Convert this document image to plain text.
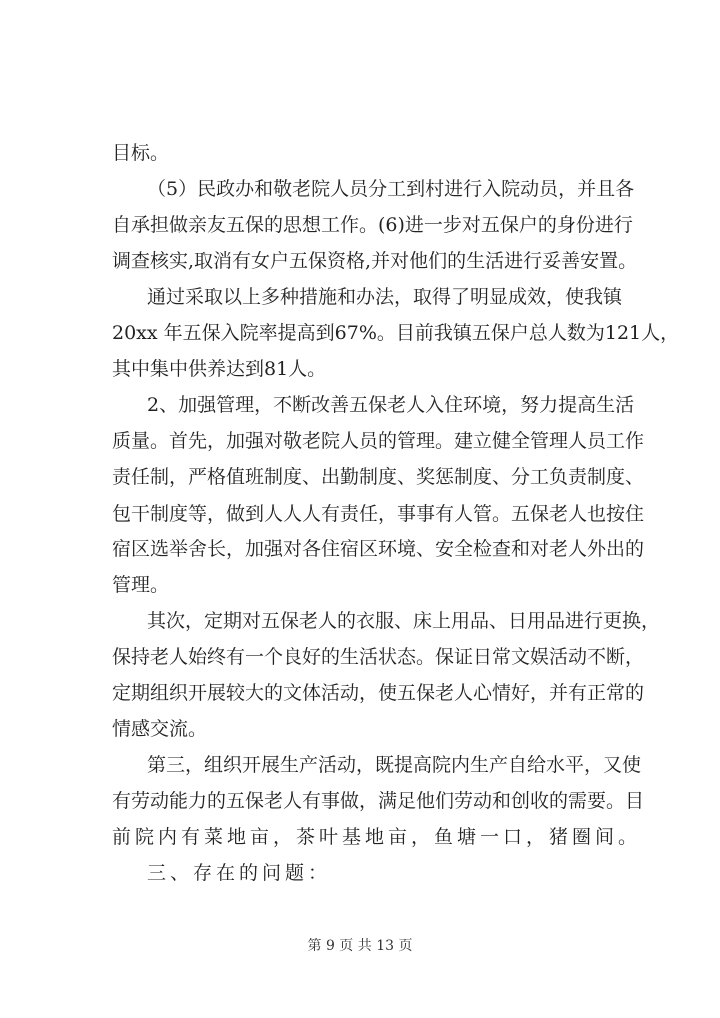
目标。
（5）民政办和敬老院人员分工到村进行入院动员，并且各
自承担做亲友五保的思想工作。(6)进一步对五保户的身份进行
调查核实,取消有女户五保资格,并对他们的生活进行妥善安置。
通过采取以上多种措施和办法，取得了明显成效，使我镇
20xx 年五保入院率提高到67%。目前我镇五保户总人数为121人，
其中集中供养达到81人。
2、加强管理，不断改善五保老人入住环境，努力提高生活
质量。首先，加强对敬老院人员的管理。建立健全管理人员工作
责任制，严格值班制度、出勤制度、奖惩制度、分工负责制度、
包干制度等，做到人人人有责任，事事有人管。五保老人也按住
宿区选举舍长，加强对各住宿区环境、安全检查和对老人外出的
管理。
其次，定期对五保老人的衣服、床上用品、日用品进行更换，
保持老人始终有一个良好的生活状态。保证日常文娱活动不断，
定期组织开展较大的文体活动，使五保老人心情好，并有正常的
情感交流。
第三，组织开展生产活动，既提高院内生产自给水平，又使
有劳动能力的五保老人有事做，满足他们劳动和创收的需要。目
前院内有菜地亩，茶叶基地亩，鱼塘一口，猪圈间。
三、存在的问题：
第 9 页 共 13 页
